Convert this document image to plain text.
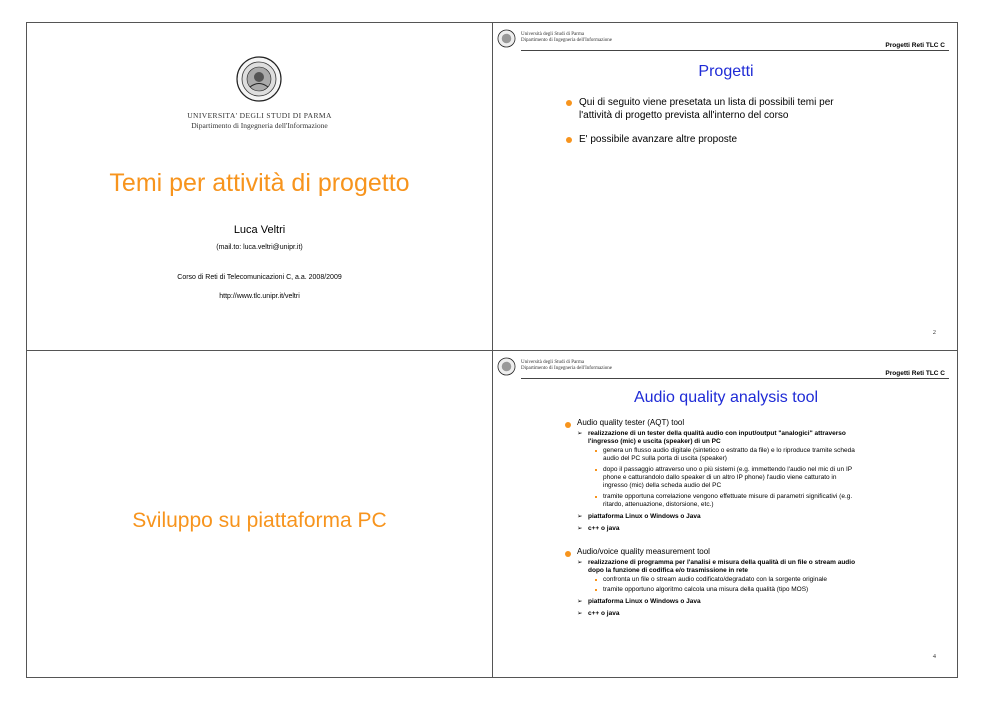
UNIVERSITA' DEGLI STUDI DI PARMA
Dipartimento di Ingegneria dell'Informazione
Temi per attività di progetto
Luca Veltri
(mail.to: luca.veltri@unipr.it)
Corso di Reti di Telecomunicazioni C, a.a. 2008/2009
http://www.tlc.unipr.it/veltri
Università degli Studi di Parma
Dipartimento di Ingegneria dell'Informazione
Progetti Reti TLC C
Progetti
Qui di seguito viene presetata un lista di possibili temi per
l'attività di progetto prevista all'interno del corso
E' possibile avanzare altre proposte
2
Sviluppo su piattaforma PC
Università degli Studi di Parma
Dipartimento di Ingegneria dell'Informazione
Progetti Reti TLC C
Audio quality analysis tool
Audio quality tester (AQT) tool
➢ realizzazione di un tester della qualità audio con input/output "analogici" attraverso
l'ingresso (mic) e uscita (speaker) di un PC
genera un flusso audio digitale (sintetico o estratto da file) e lo riproduce tramite scheda
audio del PC sulla porta di uscita (speaker)
dopo il passaggio attraverso uno o più sistemi (e.g. immettendo l'audio nel mic di un IP
phone e catturandolo dallo speaker di un altro IP phone) l'audio viene catturato in
ingresso (mic) della scheda audio del PC
tramite opportuna correlazione vengono effettuate misure di parametri significativi (e.g.
ritardo, attenuazione, distorsione, etc.)
➢ piattaforma Linux o Windows o Java
➢ c++ o java
Audio/voice quality measurement tool
➢ realizzazione di programma per l'analisi e misura della qualità di un file o stream audio
dopo la funzione di codifica e/o trasmissione in rete
confronta un file o stream audio codificato/degradato con la sorgente originale
tramite opportuno algoritmo calcola una misura della qualità (tipo MOS)
➢ piattaforma Linux o Windows o Java
➢ c++ o java
4
